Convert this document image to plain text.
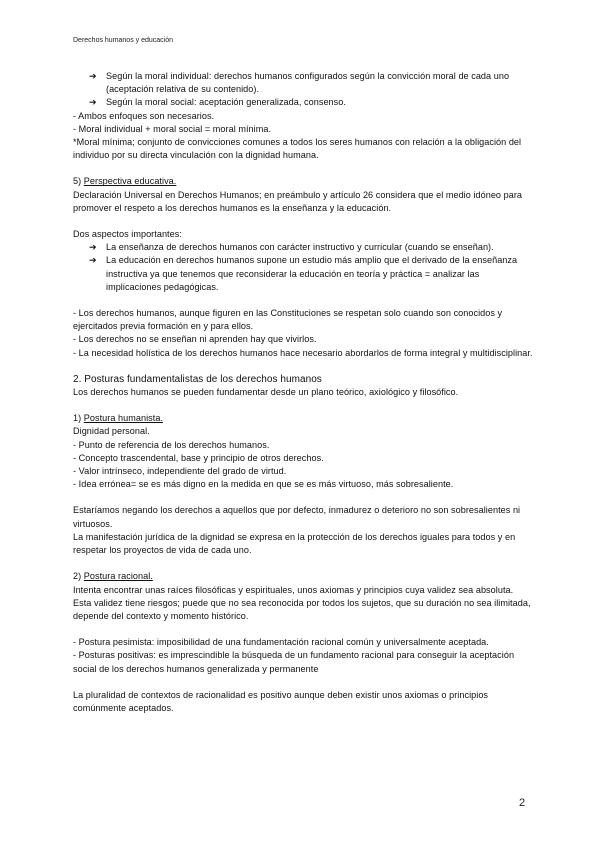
Derechos humanos y educación
➔	Según la moral individual: derechos humanos configurados según la convicción moral de cada uno (aceptación relativa de su contenido).
➔	Según la moral social: aceptación generalizada, consenso.

- Ambos enfoques son necesarios.

- Moral individual + moral social = moral mínima.

*Moral mínima; conjunto de convicciones comunes a todos los seres humanos con relación a la obligación del individuo por su directa vinculación con la dignidad humana.

5) Perspectiva educativa.

Declaración Universal en Derechos Humanos; en preámbulo y artículo 26 considera que el medio idóneo para promover el respeto a los derechos humanos es la enseñanza y la educación.

Dos aspectos importantes:

➔	La enseñanza de derechos humanos con carácter instructivo y curricular (cuando se enseñan).
➔	La educación en derechos humanos supone un estudio más amplio que el derivado de la enseñanza instructiva ya que tenemos que reconsiderar la educación en teoría y práctica = analizar las implicaciones pedagógicas.

- Los derechos humanos, aunque figuren en las Constituciones se respetan solo cuando son conocidos y ejercitados previa formación en y para ellos.

- Los derechos no se enseñan ni aprenden hay que vivirlos.

- La necesidad holística de los derechos humanos hace necesario abordarlos de forma integral y multidisciplinar.

2. Posturas fundamentalistas de los derechos humanos

Los derechos humanos se pueden fundamentar desde un plano teórico, axiológico y filosófico.

1) Postura humanista.

Dignidad personal.

- Punto de referencia de los derechos humanos.

- Concepto trascendental, base y principio de otros derechos.

- Valor intrínseco, independiente del grado de virtud.

- Idea errónea= se es más digno en la medida en que se es más virtuoso, más sobresaliente.

Estaríamos negando los derechos a aquellos que por defecto, inmadurez o deterioro no son sobresalientes ni virtuosos.

La manifestación jurídica de la dignidad se expresa en la protección de los derechos iguales para todos y en respetar los proyectos de vida de cada uno.

2) Postura racional.

Intenta encontrar unas raíces filosóficas y espirituales, unos axiomas y principios cuya validez sea absoluta. Esta validez tiene riesgos; puede que no sea reconocida por todos los sujetos, que su duración no sea ilimitada, depende del contexto y momento histórico.

- Postura pesimista: imposibilidad de una fundamentación racional común y universalmente aceptada.

- Posturas positivas: es imprescindible la búsqueda de un fundamento racional para conseguir la aceptación social de los derechos humanos generalizada y permanente

La pluralidad de contextos de racionalidad es positivo aunque deben existir unos axiomas o principios comúnmente aceptados.

2
